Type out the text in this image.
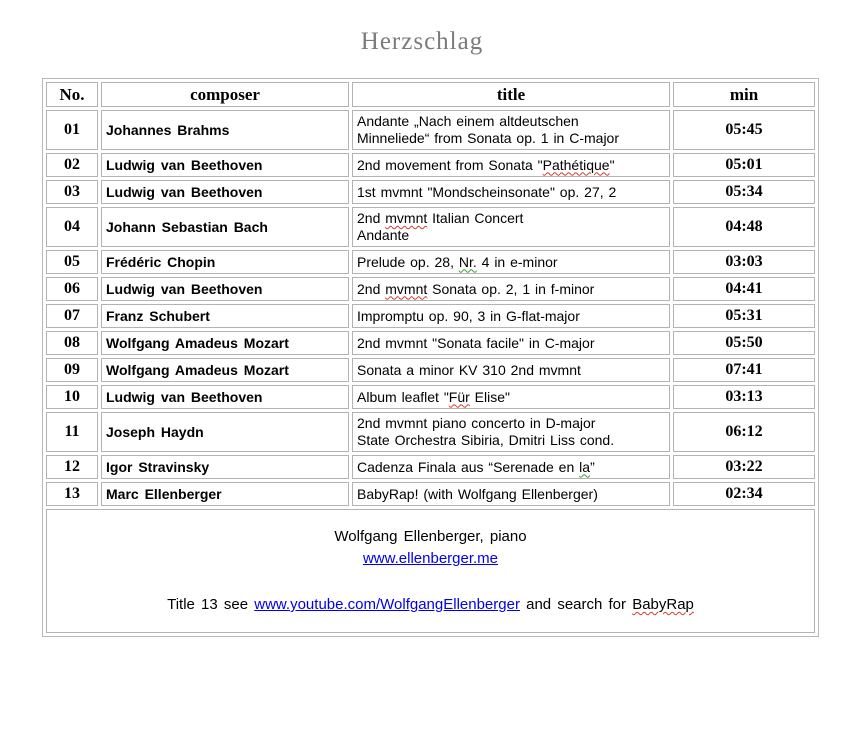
Herzschlag
No.	composer	title	min
01	Johannes Brahms	Andante „Nach einem altdeutschen
Minneliede“ from Sonata op. 1 in C-major	05:45
02	Ludwig van Beethoven	2nd movement from Sonata "Pathétique"	05:01
03	Ludwig van Beethoven	1st mvmnt "Mondscheinsonate" op. 27, 2	05:34
04	Johann Sebastian Bach	2nd mvmnt Italian Concert
Andante	04:48
05	Frédéric Chopin	Prelude op. 28, Nr. 4 in e-minor	03:03
06	Ludwig van Beethoven	2nd mvmnt Sonata op. 2, 1 in f-minor	04:41
07	Franz Schubert	Impromptu op. 90, 3 in G-flat-major	05:31
08	Wolfgang Amadeus Mozart	2nd mvmnt "Sonata facile" in C-major	05:50
09	Wolfgang Amadeus Mozart	Sonata a minor KV 310 2nd mvmnt	07:41
10	Ludwig van Beethoven	Album leaflet "Für Elise"	03:13
11	Joseph Haydn	2nd mvmnt piano concerto in D-major
State Orchestra Sibiria, Dmitri Liss cond.	06:12
12	Igor Stravinsky	Cadenza Finala aus “Serenade en la”	03:22
13	Marc Ellenberger	BabyRap! (with Wolfgang Ellenberger)	02:34

Wolfgang Ellenberger, piano
www.ellenberger.me
Title 13 see www.youtube.com/WolfgangEllenberger and search for BabyRap			
